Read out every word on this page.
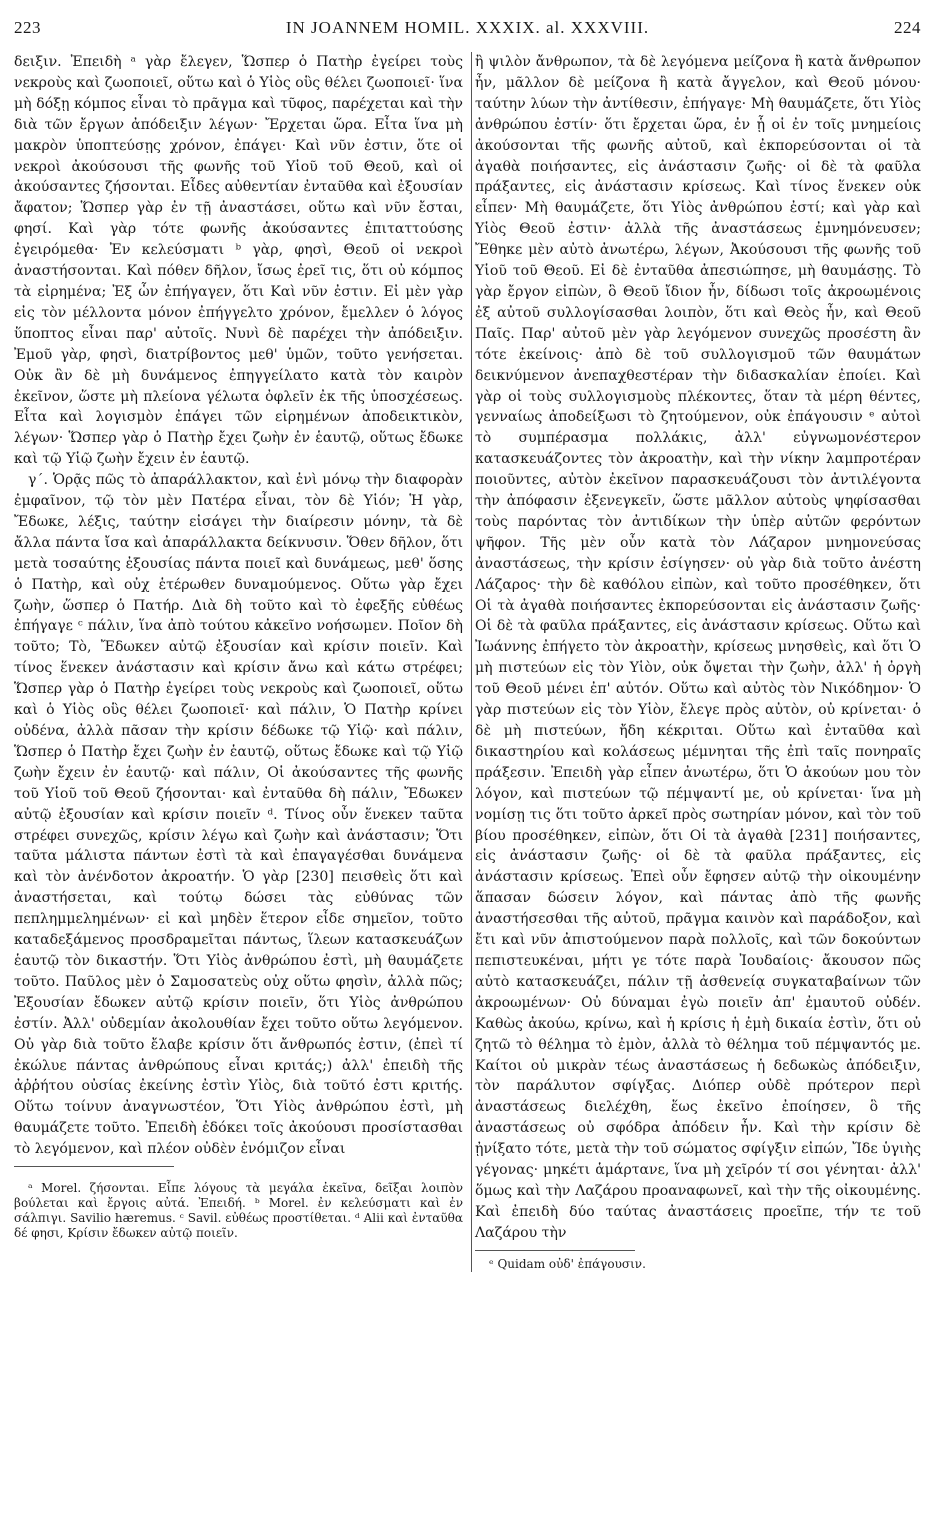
223	IN JOANNEM HOMIL. XXXIX. al. XXXVIII.	224

δειξιν. Ἐπειδὴ ᵃ γὰρ ἔλεγεν, Ὥσπερ ὁ Πατὴρ ἐγείρει τοὺς νεκροὺς καὶ ζωοποιεῖ, οὕτω καὶ ὁ Υἱὸς οὓς θέλει ζωοποιεῖ· ἵνα μὴ δόξῃ κόμπος εἶναι τὸ πρᾶγμα καὶ τῦφος, παρέχεται καὶ τὴν διὰ τῶν ἔργων ἀπόδειξιν λέγων· Ἔρχεται ὥρα. Εἶτα ἵνα μὴ μακρὸν ὑποπτεύσῃς χρόνον, ἐπάγει· Καὶ νῦν ἐστιν, ὅτε οἱ νεκροὶ ἀκούσουσι τῆς φωνῆς τοῦ Υἱοῦ τοῦ Θεοῦ, καὶ οἱ ἀκούσαντες ζήσονται. Εἶδες αὐθεντίαν ἐνταῦθα καὶ ἐξουσίαν ἄφατον; Ὥσπερ γὰρ ἐν τῇ ἀναστάσει, οὕτω καὶ νῦν ἔσται, φησί. Καὶ γὰρ τότε φωνῆς ἀκούσαντες ἐπιταττούσης ἐγειρόμεθα· Ἐν κελεύσματι ᵇ γὰρ, φησὶ, Θεοῦ οἱ νεκροὶ ἀναστήσονται. Καὶ πόθεν δῆλον, ἴσως ἐρεῖ τις, ὅτι οὐ κόμπος τὰ εἰρημένα; Ἐξ ὧν ἐπήγαγεν, ὅτι Καὶ νῦν ἐστιν. Εἰ μὲν γὰρ εἰς τὸν μέλλοντα μόνον ἐπήγγελτο χρόνον, ἔμελλεν ὁ λόγος ὕποπτος εἶναι παρ' αὐτοῖς. Νυνὶ δὲ παρέχει τὴν ἀπόδειξιν. Ἐμοῦ γὰρ, φησὶ, διατρίβοντος μεθ' ὑμῶν, τοῦτο γενήσεται. Οὐκ ἂν δὲ μὴ δυνάμενος ἐπηγγείλατο κατὰ τὸν καιρὸν ἐκεῖνον, ὥστε μὴ πλείονα γέλωτα ὀφλεῖν ἐκ τῆς ὑποσχέσεως. Εἶτα καὶ λογισμὸν ἐπάγει τῶν εἰρημένων ἀποδεικτικὸν, λέγων· Ὥσπερ γὰρ ὁ Πατὴρ ἔχει ζωὴν ἐν ἑαυτῷ, οὕτως ἔδωκε καὶ τῷ Υἱῷ ζωὴν ἔχειν ἐν ἑαυτῷ.

γ΄. Ὁρᾷς πῶς τὸ ἀπαράλλακτον, καὶ ἑνὶ μόνῳ τὴν διαφορὰν ἐμφαῖνον, τῷ τὸν μὲν Πατέρα εἶναι, τὸν δὲ Υἱόν; Ἡ γὰρ, Ἔδωκε, λέξις, ταύτην εἰσάγει τὴν διαίρεσιν μόνην, τὰ δὲ ἄλλα πάντα ἴσα καὶ ἀπαράλλακτα δείκνυσιν. Ὅθεν δῆλον, ὅτι μετὰ τοσαύτης ἐξουσίας πάντα ποιεῖ καὶ δυνάμεως, μεθ' ὅσης ὁ Πατὴρ, καὶ οὐχ ἑτέρωθεν δυναμούμενος. Οὕτω γὰρ ἔχει ζωὴν, ὥσπερ ὁ Πατήρ. Διὰ δὴ τοῦτο καὶ τὸ ἐφεξῆς εὐθέως ἐπήγαγε ᶜ πάλιν, ἵνα ἀπὸ τούτου κἀκεῖνο νοήσωμεν. Ποῖον δὴ τοῦτο; Τὸ, Ἔδωκεν αὐτῷ ἐξουσίαν καὶ κρίσιν ποιεῖν. Καὶ τίνος ἕνεκεν ἀνάστασιν καὶ κρίσιν ἄνω καὶ κάτω στρέφει; Ὥσπερ γὰρ ὁ Πατὴρ ἐγείρει τοὺς νεκροὺς καὶ ζωοποιεῖ, οὕτω καὶ ὁ Υἱὸς οὓς θέλει ζωοποιεῖ· καὶ πάλιν, Ὁ Πατὴρ κρίνει οὐδένα, ἀλλὰ πᾶσαν τὴν κρίσιν δέδωκε τῷ Υἱῷ· καὶ πάλιν, Ὥσπερ ὁ Πατὴρ ἔχει ζωὴν ἐν ἑαυτῷ, οὕτως ἔδωκε καὶ τῷ Υἱῷ ζωὴν ἔχειν ἐν ἑαυτῷ· καὶ πάλιν, Οἱ ἀκούσαντες τῆς φωνῆς τοῦ Υἱοῦ τοῦ Θεοῦ ζήσονται· καὶ ἐνταῦθα δὴ πάλιν, Ἔδωκεν αὐτῷ ἐξουσίαν καὶ κρίσιν ποιεῖν ᵈ. Τίνος οὖν ἕνεκεν ταῦτα στρέφει συνεχῶς, κρίσιν λέγω καὶ ζωὴν καὶ ἀνάστασιν; Ὅτι ταῦτα μάλιστα πάντων ἐστὶ τὰ καὶ ἐπαγαγέσθαι δυνάμενα καὶ τὸν ἀνένδοτον ἀκροατήν. Ὁ γὰρ [230] πεισθεὶς ὅτι καὶ ἀναστήσεται, καὶ τούτῳ δώσει τὰς εὐθύνας τῶν πεπλημμελημένων· εἰ καὶ μηδὲν ἕτερον εἶδε σημεῖον, τοῦτο καταδεξάμενος προσδραμεῖται πάντως, ἵλεων κατασκευάζων ἑαυτῷ τὸν δικαστήν. Ὅτι Υἱὸς ἀνθρώπου ἐστὶ, μὴ θαυμάζετε τοῦτο. Παῦλος μὲν ὁ Σαμοσατεὺς οὐχ οὕτω φησὶν, ἀλλὰ πῶς; Ἐξουσίαν ἔδωκεν αὐτῷ κρίσιν ποιεῖν, ὅτι Υἱὸς ἀνθρώπου ἐστίν. Ἀλλ' οὐδεμίαν ἀκολουθίαν ἔχει τοῦτο οὕτω λεγόμενον. Οὐ γὰρ διὰ τοῦτο ἔλαβε κρίσιν ὅτι ἄνθρωπός ἐστιν, (ἐπεὶ τί ἐκώλυε πάντας ἀνθρώπους εἶναι κριτάς;) ἀλλ' ἐπειδὴ τῆς ἀῤῥήτου οὐσίας ἐκείνης ἐστὶν Υἱὸς, διὰ τοῦτό ἐστι κριτής. Οὕτω τοίνυν ἀναγνωστέον, Ὅτι Υἱὸς ἀνθρώπου ἐστὶ, μὴ θαυμάζετε τοῦτο. Ἐπειδὴ ἐδόκει τοῖς ἀκούουσι προσίστασθαι τὸ λεγόμενον, καὶ πλέον οὐδὲν ἐνόμιζον εἶναι

ᵃ Morel. ζήσονται. Εἶπε λόγους τὰ μεγάλα ἐκεῖνα, δεῖξαι λοιπὸν βούλεται καὶ ἔργοις αὐτά. Ἐπειδή. ᵇ Morel. ἐν κελεύσματι καὶ ἐν σάλπιγι. Savilio hæremus. ᶜ Savil. εὐθέως προστίθεται. ᵈ Alii καὶ ἐνταῦθα δέ φησι, Κρίσιν ἔδωκεν αὐτῷ ποιεῖν.

ἢ ψιλὸν ἄνθρωπον, τὰ δὲ λεγόμενα μείζονα ἢ κατὰ ἄνθρωπον ἦν, μᾶλλον δὲ μείζονα ἢ κατὰ ἄγγελον, καὶ Θεοῦ μόνου· ταύτην λύων τὴν ἀντίθεσιν, ἐπήγαγε· Μὴ θαυμάζετε, ὅτι Υἱὸς ἀνθρώπου ἐστίν· ὅτι ἔρχεται ὥρα, ἐν ᾗ οἱ ἐν τοῖς μνημείοις ἀκούσονται τῆς φωνῆς αὐτοῦ, καὶ ἐκπορεύσονται οἱ τὰ ἀγαθὰ ποιήσαντες, εἰς ἀνάστασιν ζωῆς· οἱ δὲ τὰ φαῦλα πράξαντες, εἰς ἀνάστασιν κρίσεως. Καὶ τίνος ἕνεκεν οὐκ εἶπεν· Μὴ θαυμάζετε, ὅτι Υἱὸς ἀνθρώπου ἐστί; καὶ γὰρ καὶ Υἱὸς Θεοῦ ἐστιν· ἀλλὰ τῆς ἀναστάσεως ἐμνημόνευσεν; Ἔθηκε μὲν αὐτὸ ἀνωτέρω, λέγων, Ἀκούσουσι τῆς φωνῆς τοῦ Υἱοῦ τοῦ Θεοῦ. Εἰ δὲ ἐνταῦθα ἀπεσιώπησε, μὴ θαυμάσῃς. Τὸ γὰρ ἔργον εἰπὼν, ὃ Θεοῦ ἴδιον ἦν, δίδωσι τοῖς ἀκροωμένοις ἐξ αὐτοῦ συλλογίσασθαι λοιπὸν, ὅτι καὶ Θεὸς ἦν, καὶ Θεοῦ Παῖς. Παρ' αὐτοῦ μὲν γὰρ λεγόμενον συνεχῶς προσέστη ἂν τότε ἐκείνοις· ἀπὸ δὲ τοῦ συλλογισμοῦ τῶν θαυμάτων δεικνύμενον ἀνεπαχθεστέραν τὴν διδασκαλίαν ἐποίει. Καὶ γὰρ οἱ τοὺς συλλογισμοὺς πλέκοντες, ὅταν τὰ μέρη θέντες, γενναίως ἀποδείξωσι τὸ ζητούμενον, οὐκ ἐπάγουσιν ᵉ αὐτοὶ τὸ συμπέρασμα πολλάκις, ἀλλ' εὐγνωμονέστερον κατασκευάζοντες τὸν ἀκροατὴν, καὶ τὴν νίκην λαμπροτέραν ποιοῦντες, αὐτὸν ἐκεῖνον παρασκευάζουσι τὸν ἀντιλέγοντα τὴν ἀπόφασιν ἐξενεγκεῖν, ὥστε μᾶλλον αὐτοὺς ψηφίσασθαι τοὺς παρόντας τὸν ἀντιδίκων τὴν ὑπὲρ αὐτῶν φερόντων ψῆφον. Τῆς μὲν οὖν κατὰ τὸν Λάζαρον μνημονεύσας ἀναστάσεως, τὴν κρίσιν ἐσίγησεν· οὐ γὰρ διὰ τοῦτο ἀνέστη Λάζαρος· τὴν δὲ καθόλου εἰπὼν, καὶ τοῦτο προσέθηκεν, ὅτι Οἱ τὰ ἀγαθὰ ποιήσαντες ἐκπορεύσονται εἰς ἀνάστασιν ζωῆς· Οἱ δὲ τὰ φαῦλα πράξαντες, εἰς ἀνάστασιν κρίσεως. Οὕτω καὶ Ἰωάννης ἐπήγετο τὸν ἀκροατὴν, κρίσεως μνησθεὶς, καὶ ὅτι Ὁ μὴ πιστεύων εἰς τὸν Υἱὸν, οὐκ ὄψεται τὴν ζωὴν, ἀλλ' ἡ ὀργὴ τοῦ Θεοῦ μένει ἐπ' αὐτόν. Οὕτω καὶ αὐτὸς τὸν Νικόδημον· Ὁ γὰρ πιστεύων εἰς τὸν Υἱὸν, ἔλεγε πρὸς αὐτὸν, οὐ κρίνεται· ὁ δὲ μὴ πιστεύων, ἤδη κέκριται. Οὕτω καὶ ἐνταῦθα καὶ δικαστηρίου καὶ κολάσεως μέμνηται τῆς ἐπὶ ταῖς πονηραῖς πράξεσιν. Ἐπειδὴ γὰρ εἶπεν ἀνωτέρω, ὅτι Ὁ ἀκούων μου τὸν λόγον, καὶ πιστεύων τῷ πέμψαντί με, οὐ κρίνεται· ἵνα μὴ νομίσῃ τις ὅτι τοῦτο ἀρκεῖ πρὸς σωτηρίαν μόνον, καὶ τὸν τοῦ βίου προσέθηκεν, εἰπὼν, ὅτι Οἱ τὰ ἀγαθὰ [231] ποιήσαντες, εἰς ἀνάστασιν ζωῆς· οἱ δὲ τὰ φαῦλα πράξαντες, εἰς ἀνάστασιν κρίσεως. Ἐπεὶ οὖν ἔφησεν αὐτῷ τὴν οἰκουμένην ἅπασαν δώσειν λόγον, καὶ πάντας ἀπὸ τῆς φωνῆς ἀναστήσεσθαι τῆς αὐτοῦ, πρᾶγμα καινὸν καὶ παράδοξον, καὶ ἔτι καὶ νῦν ἀπιστούμενον παρὰ πολλοῖς, καὶ τῶν δοκούντων πεπιστευκέναι, μήτι γε τότε παρὰ Ἰουδαίοις· ἄκουσον πῶς αὐτὸ κατασκευάζει, πάλιν τῇ ἀσθενείᾳ συγκαταβαίνων τῶν ἀκροωμένων· Οὐ δύναμαι ἐγὼ ποιεῖν ἀπ' ἐμαυτοῦ οὐδέν. Καθὼς ἀκούω, κρίνω, καὶ ἡ κρίσις ἡ ἐμὴ δικαία ἐστὶν, ὅτι οὐ ζητῶ τὸ θέλημα τὸ ἐμὸν, ἀλλὰ τὸ θέλημα τοῦ πέμψαντός με. Καίτοι οὐ μικρὰν τέως ἀναστάσεως ἡ δεδωκὼς ἀπόδειξιν, τὸν παράλυτον σφίγξας. Διόπερ οὐδὲ πρότερον περὶ ἀναστάσεως διελέχθη, ἕως ἐκεῖνο ἐποίησεν, ὃ τῆς ἀναστάσεως οὐ σφόδρα ἀπόδειν ἦν. Καὶ τὴν κρίσιν δὲ ᾐνίξατο τότε, μετὰ τὴν τοῦ σώματος σφίγξιν εἰπών, Ἴδε ὑγιὴς γέγονας· μηκέτι ἁμάρτανε, ἵνα μὴ χεῖρόν τί σοι γένηται· ἀλλ' ὅμως καὶ τὴν Λαζάρου προαναφωνεῖ, καὶ τὴν τῆς οἰκουμένης. Καὶ ἐπειδὴ δύο ταύτας ἀναστάσεις προεῖπε, τήν τε τοῦ Λαζάρου τὴν

ᵉ Quidam οὐδ' ἐπάγουσιν.
